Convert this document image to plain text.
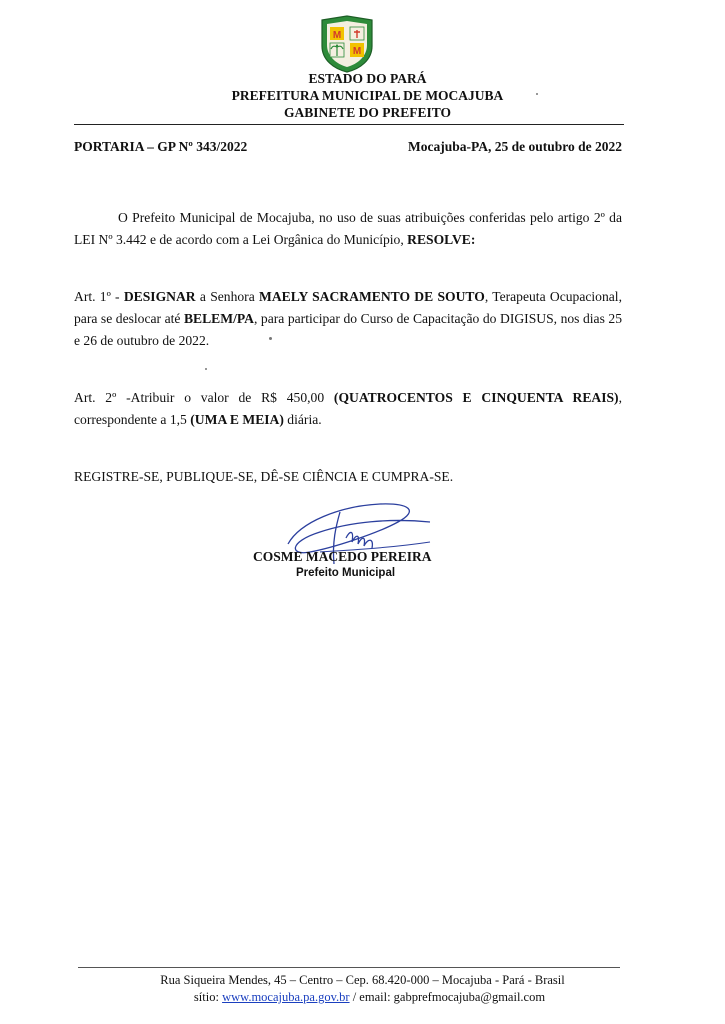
M
M
ESTADO DO PARÁ
PREFEITURA MUNICIPAL DE MOCAJUBA
GABINETE DO PREFEITO
PORTARIA – GP Nº 343/2022	Mocajuba-PA, 25 de outubro de 2022
O Prefeito Municipal de Mocajuba, no uso de suas atribuições conferidas pelo artigo 2º da LEI Nº 3.442 e de acordo com a Lei Orgânica do Município, RESOLVE:
Art. 1º - DESIGNAR a Senhora MAELY SACRAMENTO DE SOUTO, Terapeuta Ocupacional, para se deslocar até BELEM/PA, para participar do Curso de Capacitação do DIGISUS, nos dias 25 e 26 de outubro de 2022.
Art. 2º -Atribuir o valor de R$ 450,00 (QUATROCENTOS E CINQUENTA REAIS), correspondente a 1,5 (UMA E MEIA) diária.
REGISTRE-SE, PUBLIQUE-SE, DÊ-SE CIÊNCIA E CUMPRA-SE.
COSME MACEDO PEREIRA
Prefeito Municipal
Rua Siqueira Mendes, 45 – Centro – Cep. 68.420-000 – Mocajuba - Pará - Brasil
sítio: www.mocajuba.pa.gov.br / email: gabprefmocajuba@gmail.com
